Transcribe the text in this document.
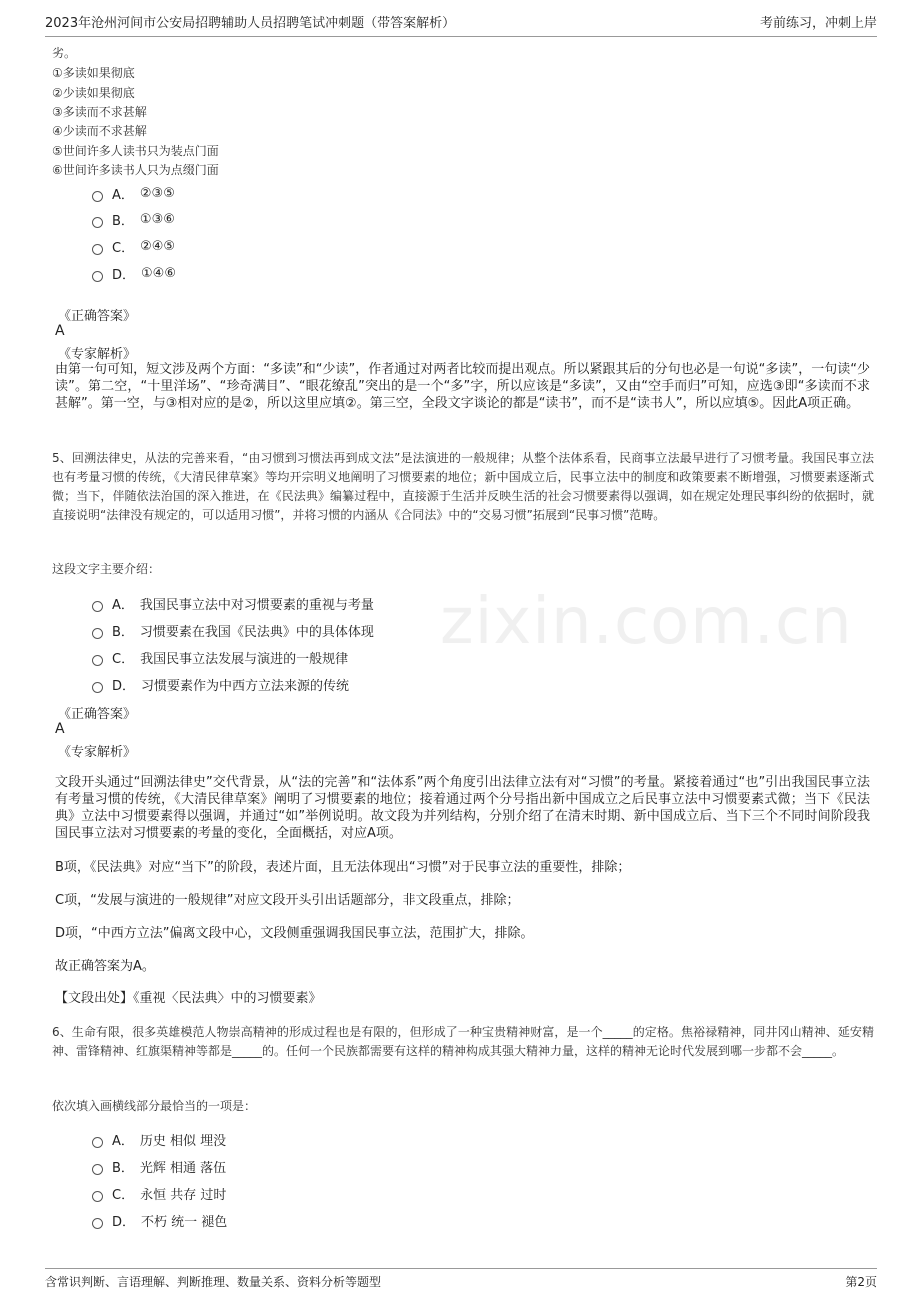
zixin.com.cn
2023年沧州河间市公安局招聘辅助人员招聘笔试冲刺题（带答案解析）	考前练习，冲刺上岸
劣。
①多读如果彻底
②少读如果彻底
③多读而不求甚解
④少读而不求甚解
⑤世间许多人读书只为装点门面
⑥世间许多读书人只为点缀门面
A． ②③⑤
B． ①③⑥
C． ②④⑤
D． ①④⑥
《正确答案》
A
《专家解析》
由第一句可知，短文涉及两个方面：“多读”和“少读”，作者通过对两者比较而提出观点。所以紧跟其后的分句也必是一句说“多读”，一句读“少读”。第二空，“十里洋场”、“珍奇满目”、“眼花缭乱”突出的是一个“多”字，所以应该是“多读”，又由“空手而归”可知，应选③即“多读而不求甚解”。第一空，与③相对应的是②，所以这里应填②。第三空，全段文字谈论的都是“读书”，而不是“读书人”，所以应填⑤。因此A项正确。
5、回溯法律史，从法的完善来看，“由习惯到习惯法再到成文法”是法演进的一般规律；从整个法体系看，民商事立法最早进行了习惯考量。我国民事立法也有考量习惯的传统，《大清民律草案》等均开宗明义地阐明了习惯要素的地位；新中国成立后，民事立法中的制度和政策要素不断增强，习惯要素逐渐式微；当下，伴随依法治国的深入推进，在《民法典》编纂过程中，直接源于生活并反映生活的社会习惯要素得以强调，如在规定处理民事纠纷的依据时，就直接说明“法律没有规定的，可以适用习惯”，并将习惯的内涵从《合同法》中的“交易习惯”拓展到“民事习惯”范畴。
这段文字主要介绍：
A． 我国民事立法中对习惯要素的重视与考量
B． 习惯要素在我国《民法典》中的具体体现
C． 我国民事立法发展与演进的一般规律
D． 习惯要素作为中西方立法来源的传统
《正确答案》
A
《专家解析》
文段开头通过“回溯法律史”交代背景，从“法的完善”和“法体系”两个角度引出法律立法有对“习惯”的考量。紧接着通过“也”引出我国民事立法有考量习惯的传统，《大清民律草案》阐明了习惯要素的地位；接着通过两个分号指出新中国成立之后民事立法中习惯要素式微；当下《民法典》立法中习惯要素得以强调，并通过“如”举例说明。故文段为并列结构，分别介绍了在清末时期、新中国成立后、当下三个不同时间阶段我国民事立法对习惯要素的考量的变化，全面概括，对应A项。
B项，《民法典》对应“当下”的阶段，表述片面，且无法体现出“习惯”对于民事立法的重要性，排除；
C项，“发展与演进的一般规律”对应文段开头引出话题部分，非文段重点，排除；
D项，“中西方立法”偏离文段中心，文段侧重强调我国民事立法，范围扩大，排除。
故正确答案为A。
【文段出处】《重视〈民法典〉中的习惯要素》
6、生命有限，很多英雄模范人物崇高精神的形成过程也是有限的，但形成了一种宝贵精神财富，是一个_____的定格。焦裕禄精神，同井冈山精神、延安精神、雷锋精神、红旗渠精神等都是_____的。任何一个民族都需要有这样的精神构成其强大精神力量，这样的精神无论时代发展到哪一步都不会_____。
依次填入画横线部分最恰当的一项是：
A． 历史 相似 埋没
B． 光辉 相通 落伍
C． 永恒 共存 过时
D． 不朽 统一 褪色
含常识判断、言语理解、判断推理、数量关系、资料分析等题型	第2页
